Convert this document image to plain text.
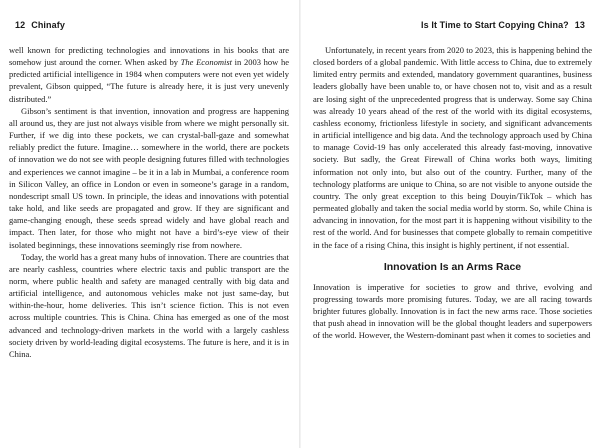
12 Chinafy

well known for predicting technologies and innovations in his books that are somehow just around the corner. When asked by The Economist in 2003 how he predicted artificial intelligence in 1984 when computers were not even yet widely prevalent, Gibson quipped, “The future is already here, it is just very unevenly distributed.”

Gibson’s sentiment is that invention, innovation and progress are happening all around us, they are just not always visible from where we might personally sit. Further, if we dig into these pockets, we can crystal-ball-gaze and somewhat reliably predict the future. Imagine… somewhere in the world, there are pockets of innovation we do not see with people designing futures filled with technologies and experiences we cannot imagine – be it in a lab in Mumbai, a conference room in Silicon Valley, an office in London or even in someone’s garage in a random, nondescript small US town. In principle, the ideas and innovations with potential take hold, and like seeds are propagated and grow. If they are significant and game-changing enough, these seeds spread widely and have global reach and impact. Then later, for those who might not have a bird’s-eye view of their isolated beginnings, these innovations seemingly rise from nowhere.

Today, the world has a great many hubs of innovation. There are countries that are nearly cashless, countries where electric taxis and public transport are the norm, where public health and safety are managed centrally with big data and artificial intelligence, and autonomous vehicles make not just same-day, but within-the-hour, home deliveries. This isn’t science fiction. This is not even across multiple countries. This is China. China has emerged as one of the most advanced and technology-driven markets in the world with a largely cashless society driven by world-leading digital ecosystems. The future is here, and it is in China.

Is It Time to Start Copying China? 13

Unfortunately, in recent years from 2020 to 2023, this is happening behind the closed borders of a global pandemic. With little access to China, due to extremely limited entry permits and extended, mandatory government quarantines, business leaders globally have been unable to, or have chosen not to, visit and as a result are losing sight of the unprecedented progress that is underway. Some say China was already 10 years ahead of the rest of the world with its digital ecosystems, cashless economy, frictionless lifestyle in society, and significant advancements in artificial intelligence and big data. And the technology approach used by China to manage Covid-19 has only accelerated this already fast-moving, innovative society. But sadly, the Great Firewall of China works both ways, limiting information not only into, but also out of the country. Further, many of the technology platforms are unique to China, so are not visible to anyone outside the country. The only great exception to this being Douyin/TikTok – which has permeated globally and taken the social media world by storm. So, while China is advancing in innovation, for the most part it is happening without visibility to the rest of the world. And for businesses that compete globally to remain competitive in the face of a rising China, this insight is highly pertinent, if not essential.

Innovation Is an Arms Race

Innovation is imperative for societies to grow and thrive, evolving and progressing towards more promising futures. Today, we are all racing towards brighter futures globally. Innovation is in fact the new arms race. Those societies that push ahead in innovation will be the global thought leaders and superpowers of the world. However, the Western-dominant past when it comes to societies and
